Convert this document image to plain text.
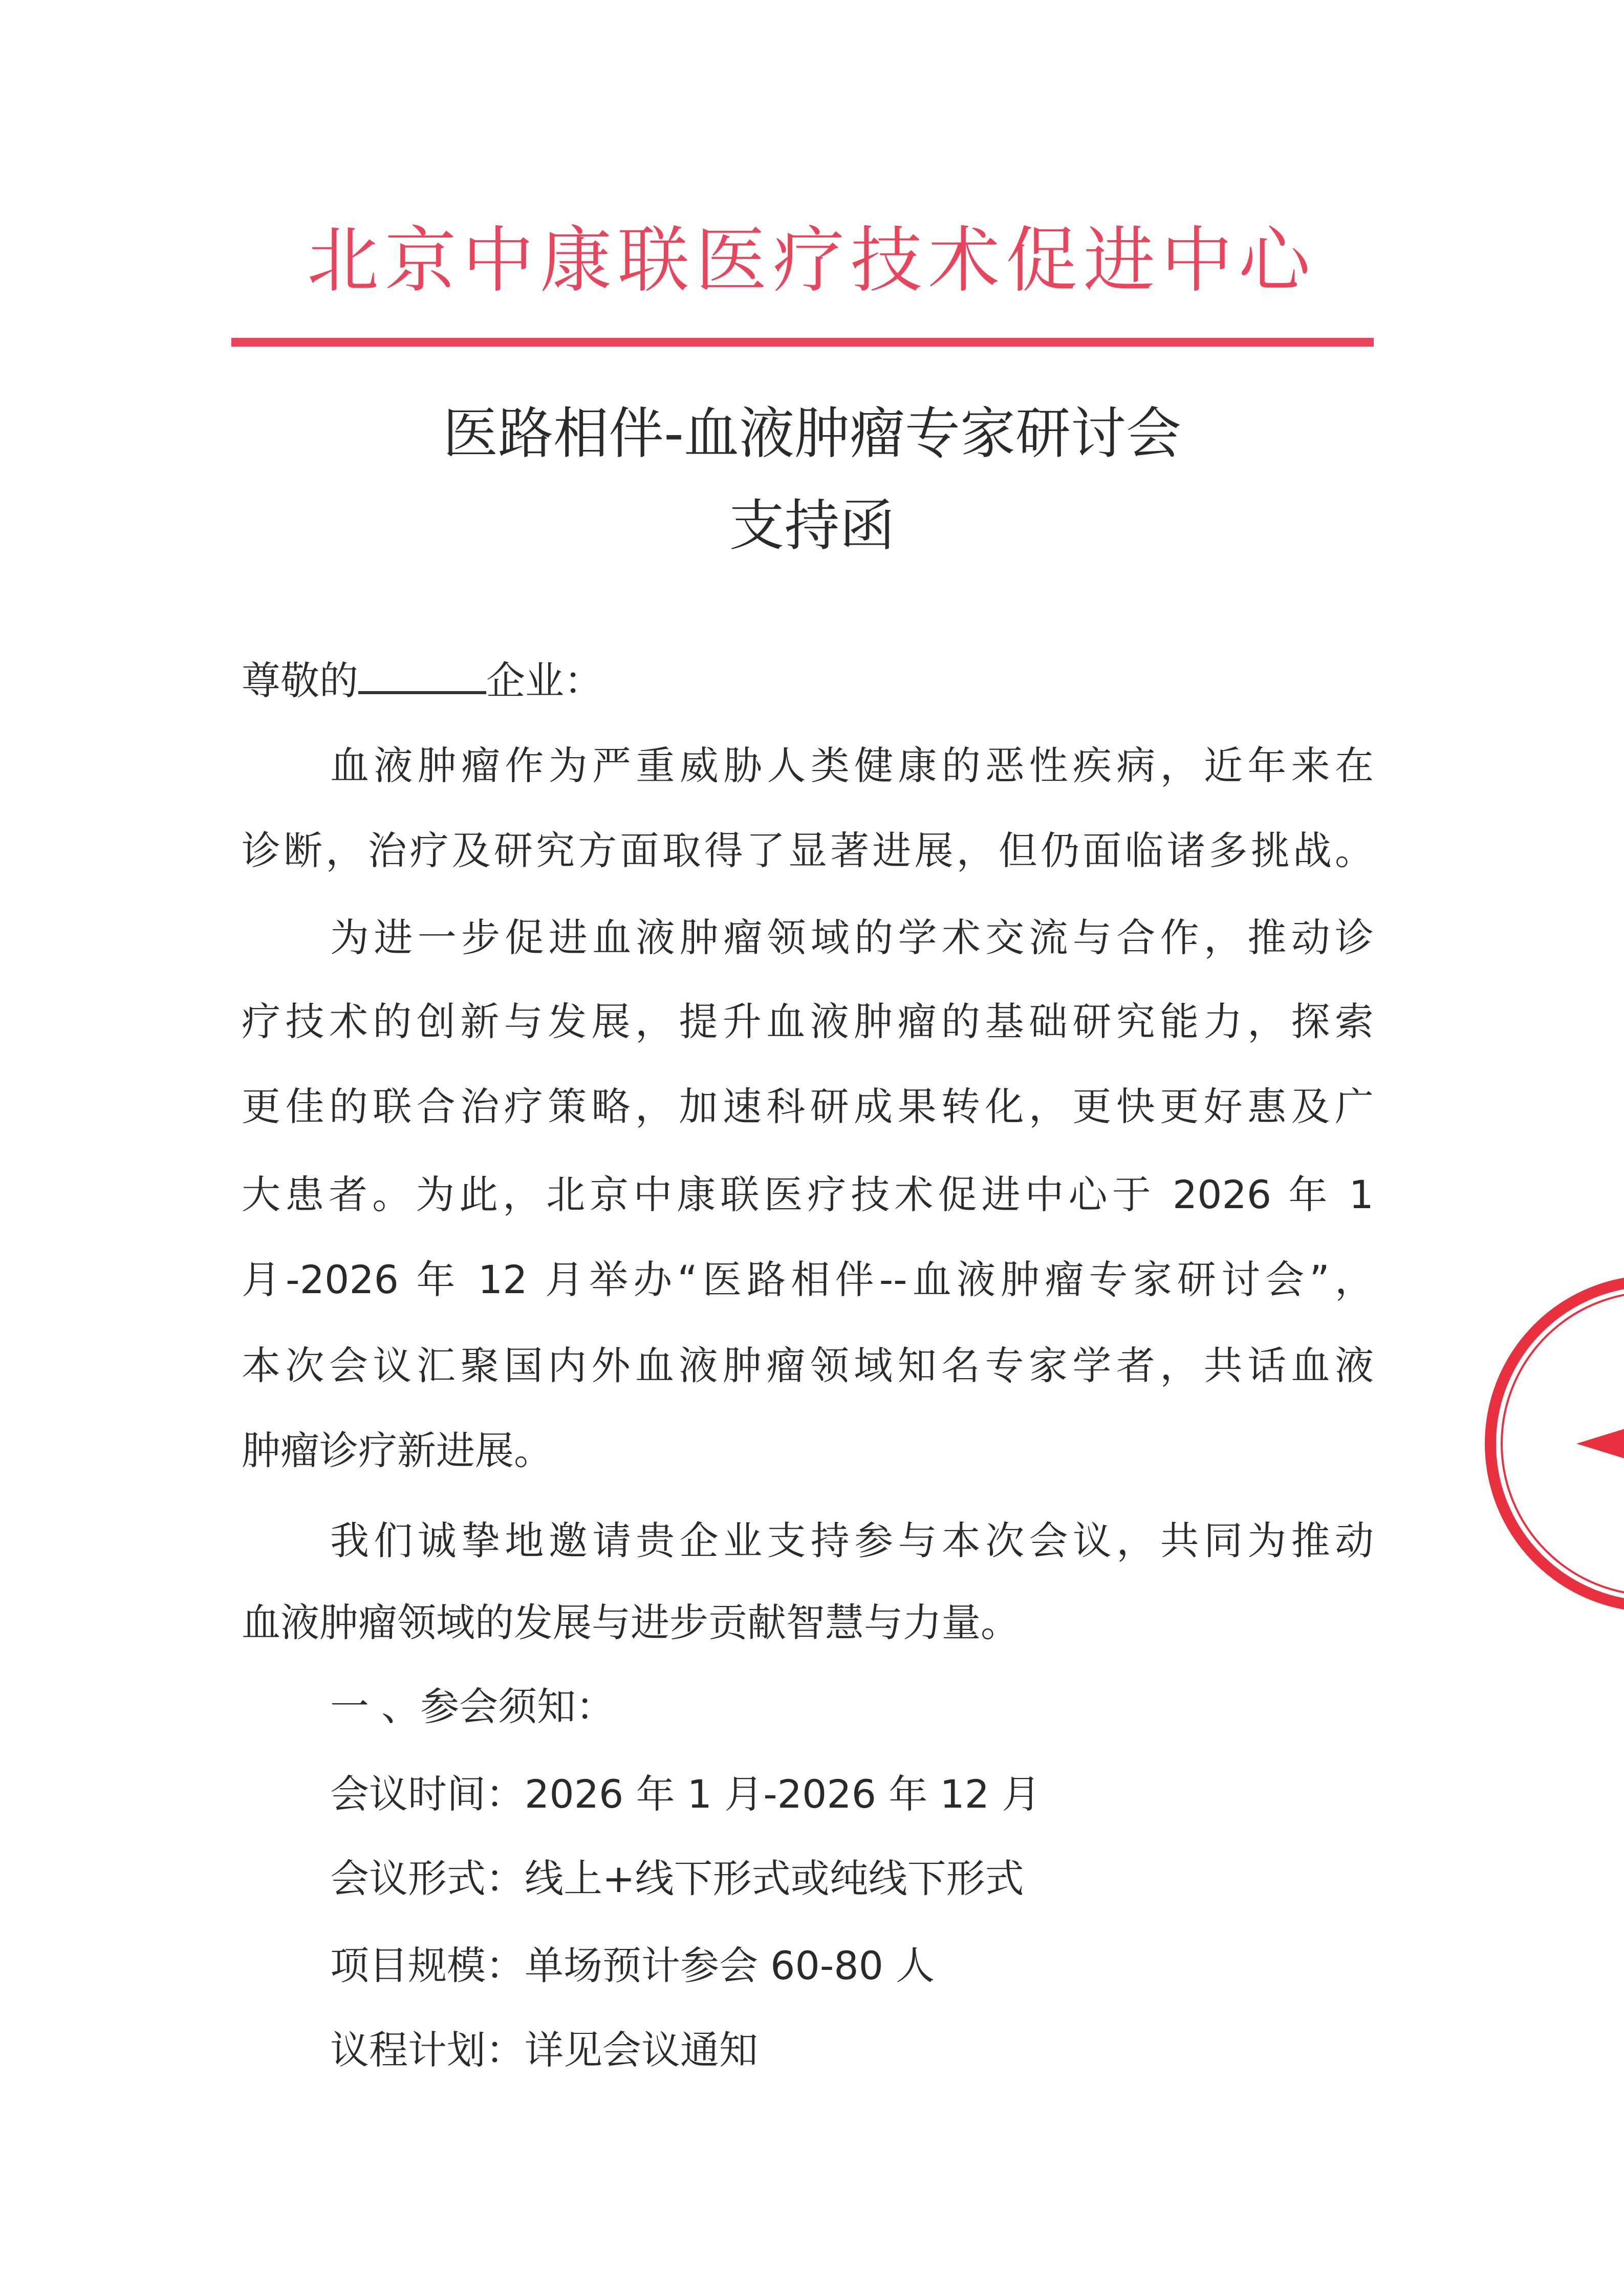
北京中康联医疗技术促进中心
医路相伴-血液肿瘤专家研讨会
支持函
尊敬的	企业：
血液肿瘤作为严重威胁人类健康的恶性疾病，近年来在
诊断，治疗及研究方面取得了显著进展，但仍面临诸多挑战。
为进一步促进血液肿瘤领域的学术交流与合作，推动诊
疗技术的创新与发展，提升血液肿瘤的基础研究能力，探索
更佳的联合治疗策略，加速科研成果转化，更快更好惠及广
大患者。为此，北京中康联医疗技术促进中心于 2026 年 1
月-2026 年 12 月举办“医路相伴--血液肿瘤专家研讨会”，
本次会议汇聚国内外血液肿瘤领域知名专家学者，共话血液
肿瘤诊疗新进展。
我们诚挚地邀请贵企业支持参与本次会议，共同为推动
血液肿瘤领域的发展与进步贡献智慧与力量。
一 、参会须知：
会议时间：2026 年 1 月-2026 年 12 月
会议形式：线上+线下形式或纯线下形式
项目规模：单场预计参会 60-80 人
议程计划：详见会议通知
